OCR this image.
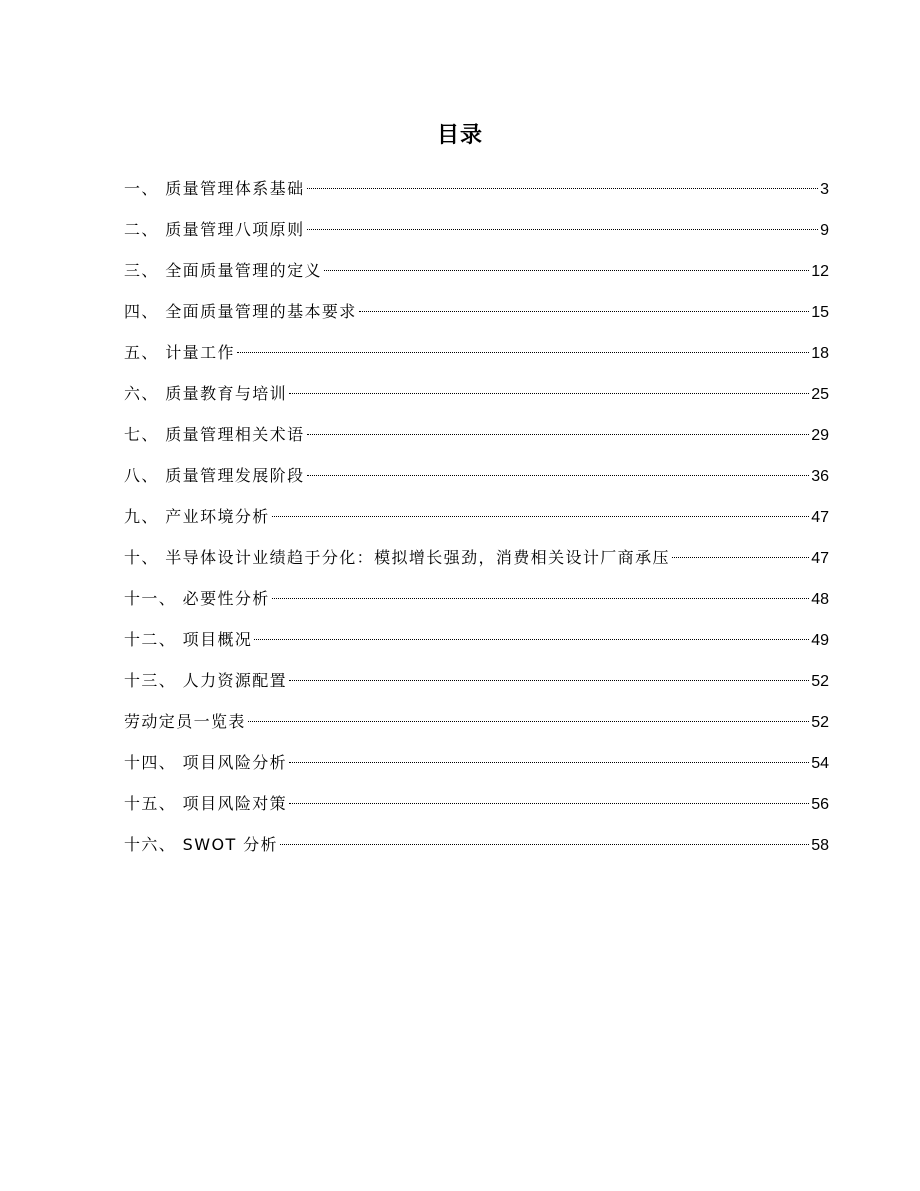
目录
一、 质量管理体系基础	3
二、 质量管理八项原则	9
三、 全面质量管理的定义	12
四、 全面质量管理的基本要求	15
五、 计量工作	18
六、 质量教育与培训	25
七、 质量管理相关术语	29
八、 质量管理发展阶段	36
九、 产业环境分析	47
十、 半导体设计业绩趋于分化：模拟增长强劲，消费相关设计厂商承压	47
十一、 必要性分析	48
十二、 项目概况	49
十三、 人力资源配置	52
劳动定员一览表	52
十四、 项目风险分析	54
十五、 项目风险对策	56
十六、 SWOT 分析	58
